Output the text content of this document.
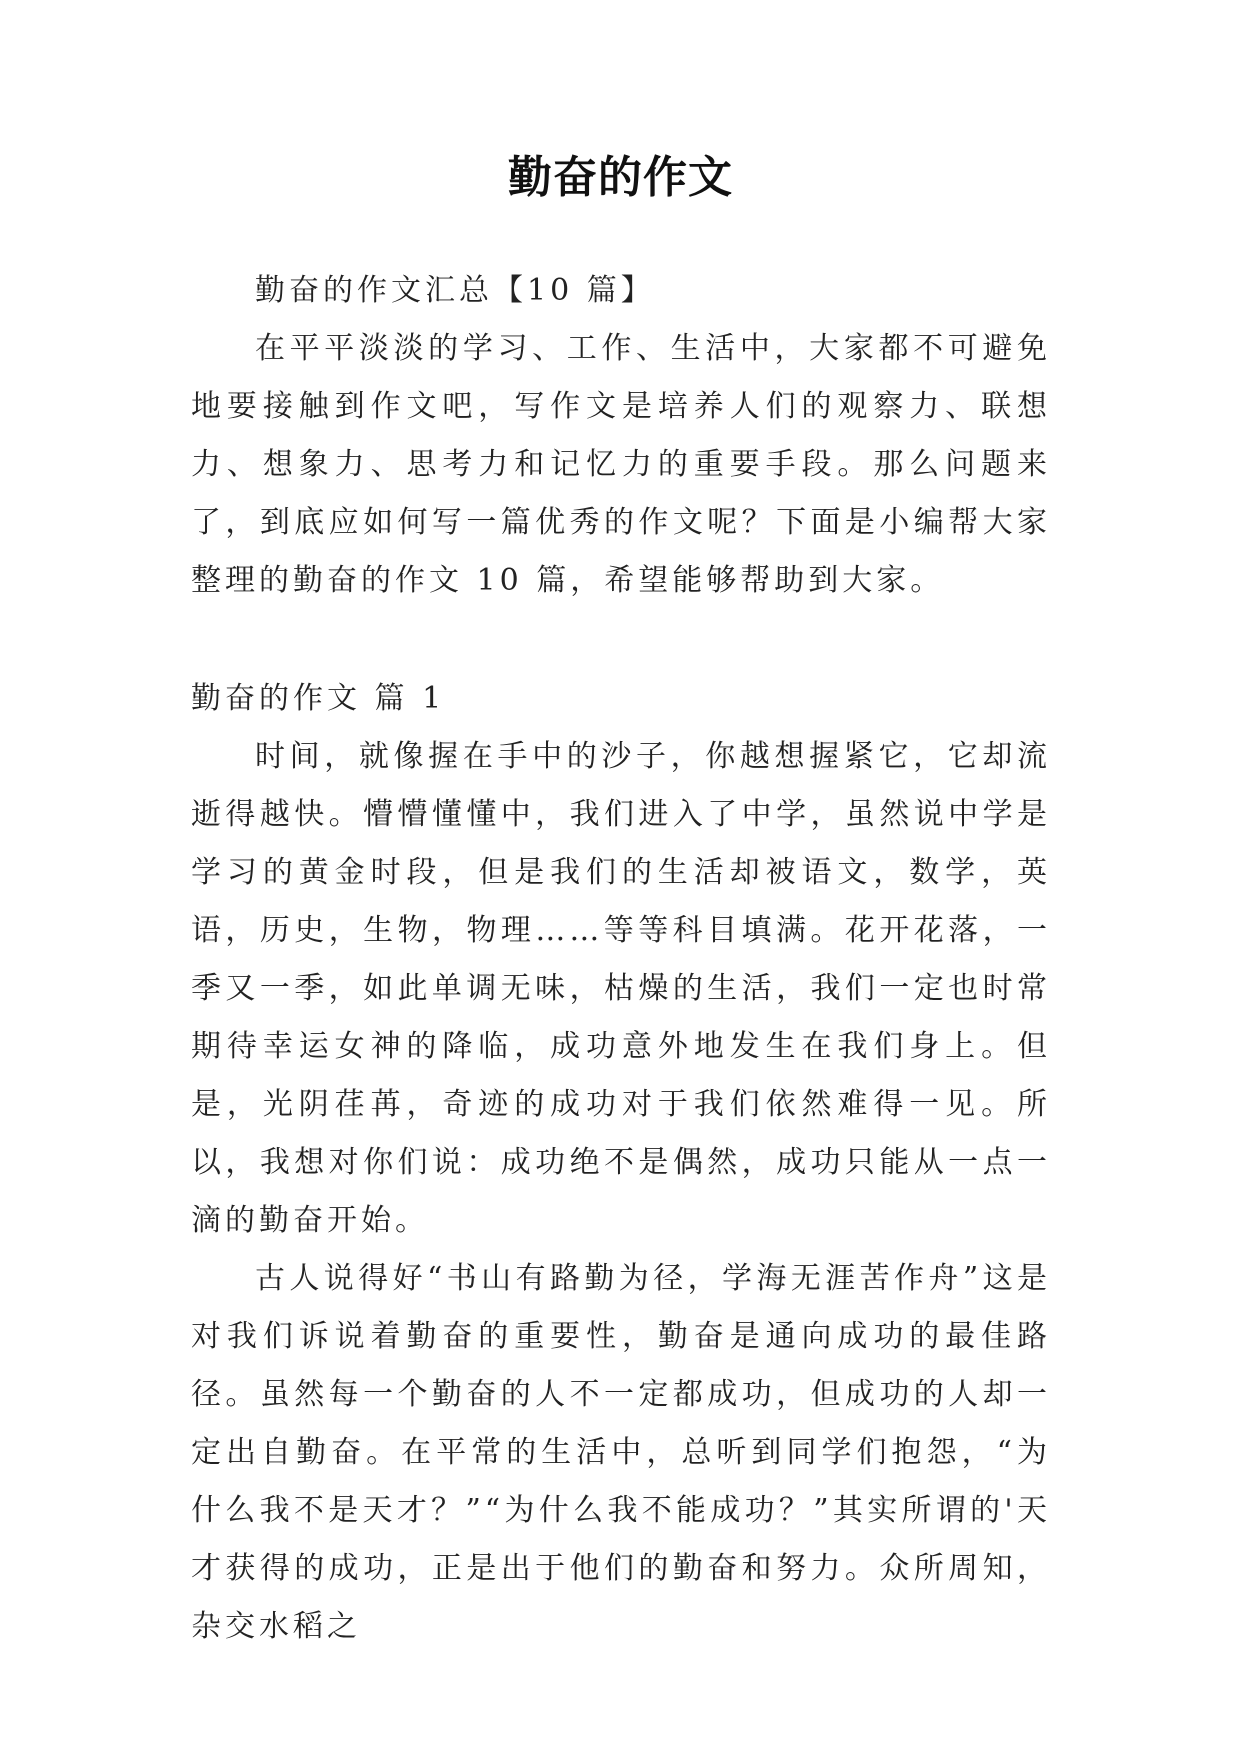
勤奋的作文

勤奋的作文汇总【10 篇】

在平平淡淡的学习、工作、生活中，大家都不可避免地要接触到作文吧，写作文是培养人们的观察力、联想力、想象力、思考力和记忆力的重要手段。那么问题来了，到底应如何写一篇优秀的作文呢？下面是小编帮大家整理的勤奋的作文 10 篇，希望能够帮助到大家。

勤奋的作文 篇 1

时间，就像握在手中的沙子，你越想握紧它，它却流逝得越快。懵懵懂懂中，我们进入了中学，虽然说中学是学习的黄金时段，但是我们的生活却被语文，数学，英语，历史，生物，物理……等等科目填满。花开花落，一季又一季，如此单调无味，枯燥的生活，我们一定也时常期待幸运女神的降临，成功意外地发生在我们身上。但是，光阴荏苒，奇迹的成功对于我们依然难得一见。所以，我想对你们说：成功绝不是偶然，成功只能从一点一滴的勤奋开始。

古人说得好“书山有路勤为径，学海无涯苦作舟”这是对我们诉说着勤奋的重要性，勤奋是通向成功的最佳路径。虽然每一个勤奋的人不一定都成功，但成功的人却一定出自勤奋。在平常的生活中，总听到同学们抱怨，“为什么我不是天才？”“为什么我不能成功？”其实所谓的'天才获得的成功，正是出于他们的勤奋和努力。众所周知，杂交水稻之
